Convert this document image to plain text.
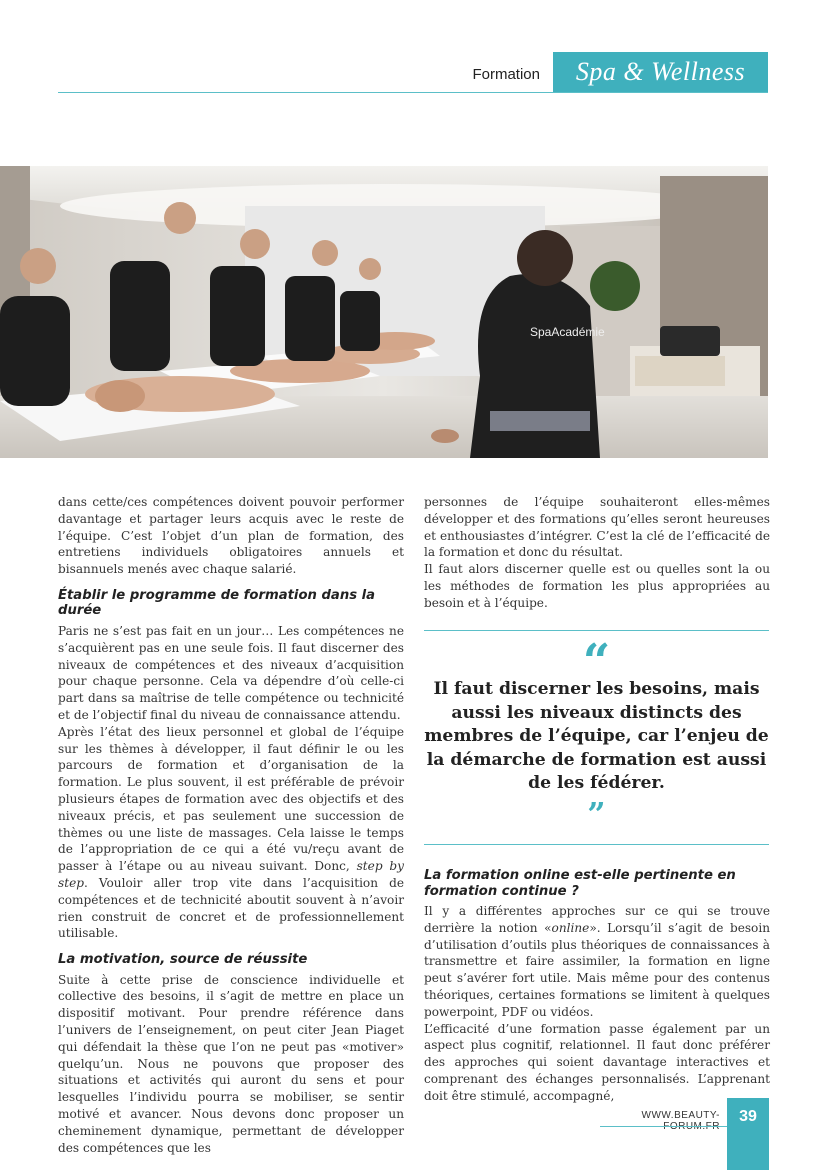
Formation	Spa & Wellness
SpaAcadémie

dans cette/ces compétences doivent pouvoir performer davantage et partager leurs acquis avec le reste de l’équipe. C’est l’objet d’un plan de formation, des entretiens individuels obligatoires annuels et bisannuels menés avec chaque salarié.

Établir le programme de formation dans la durée

Paris ne s’est pas fait en un jour… Les compétences ne s’acquièrent pas en une seule fois. Il faut discerner des niveaux de compétences et des niveaux d’acquisition pour chaque personne. Cela va dépendre d’où celle-ci part dans sa maîtrise de telle compétence ou technicité et de l’objectif final du niveau de connaissance attendu.

Après l’état des lieux personnel et global de l’équipe sur les thèmes à développer, il faut définir le ou les parcours de formation et d’organisation de la formation. Le plus souvent, il est préférable de prévoir plusieurs étapes de formation avec des objectifs et des niveaux précis, et pas seulement une succession de thèmes ou une liste de massages. Cela laisse le temps de l’appropriation de ce qui a été vu/reçu avant de passer à l’étape ou au niveau suivant. Donc, step by step. Vouloir aller trop vite dans l’acquisition de compétences et de technicité aboutit souvent à n’avoir rien construit de concret et de professionnellement utilisable.

La motivation, source de réussite

Suite à cette prise de conscience individuelle et collective des besoins, il s’agit de mettre en place un dispositif motivant. Pour prendre référence dans l’univers de l’enseignement, on peut citer Jean Piaget qui défendait la thèse que l’on ne peut pas «motiver» quelqu’un. Nous ne pouvons que proposer des situations et activités qui auront du sens et pour lesquelles l’individu pourra se mobiliser, se sentir motivé et avancer. Nous devons donc proposer un cheminement dynamique, permettant de développer des compétences que les

personnes de l’équipe souhaiteront elles-mêmes développer et des formations qu’elles seront heureuses et enthousiastes d’intégrer. C’est la clé de l’efficacité de la formation et donc du résultat.

Il faut alors discerner quelle est ou quelles sont la ou les méthodes de formation les plus appropriées au besoin et à l’équipe.

“
Il faut discerner les besoins, mais aussi les niveaux distincts des membres de l’équipe, car l’enjeu de la démarche de formation est aussi de les fédérer.
”
La formation online est-elle pertinente en formation continue ?

Il y a différentes approches sur ce qui se trouve derrière la notion «online». Lorsqu’il s’agit de besoin d’utilisation d’outils plus théoriques de connaissances à transmettre et faire assimiler, la formation en ligne peut s’avérer fort utile. Mais même pour des contenus théoriques, certaines formations se limitent à quelques powerpoint, PDF ou vidéos.

L’efficacité d’une formation passe également par un aspect plus cognitif, relationnel. Il faut donc préférer des approches qui soient davantage interactives et comprenant des échanges personnalisés. L’apprenant doit être stimulé, accompagné,

WWW.BEAUTY-	39
